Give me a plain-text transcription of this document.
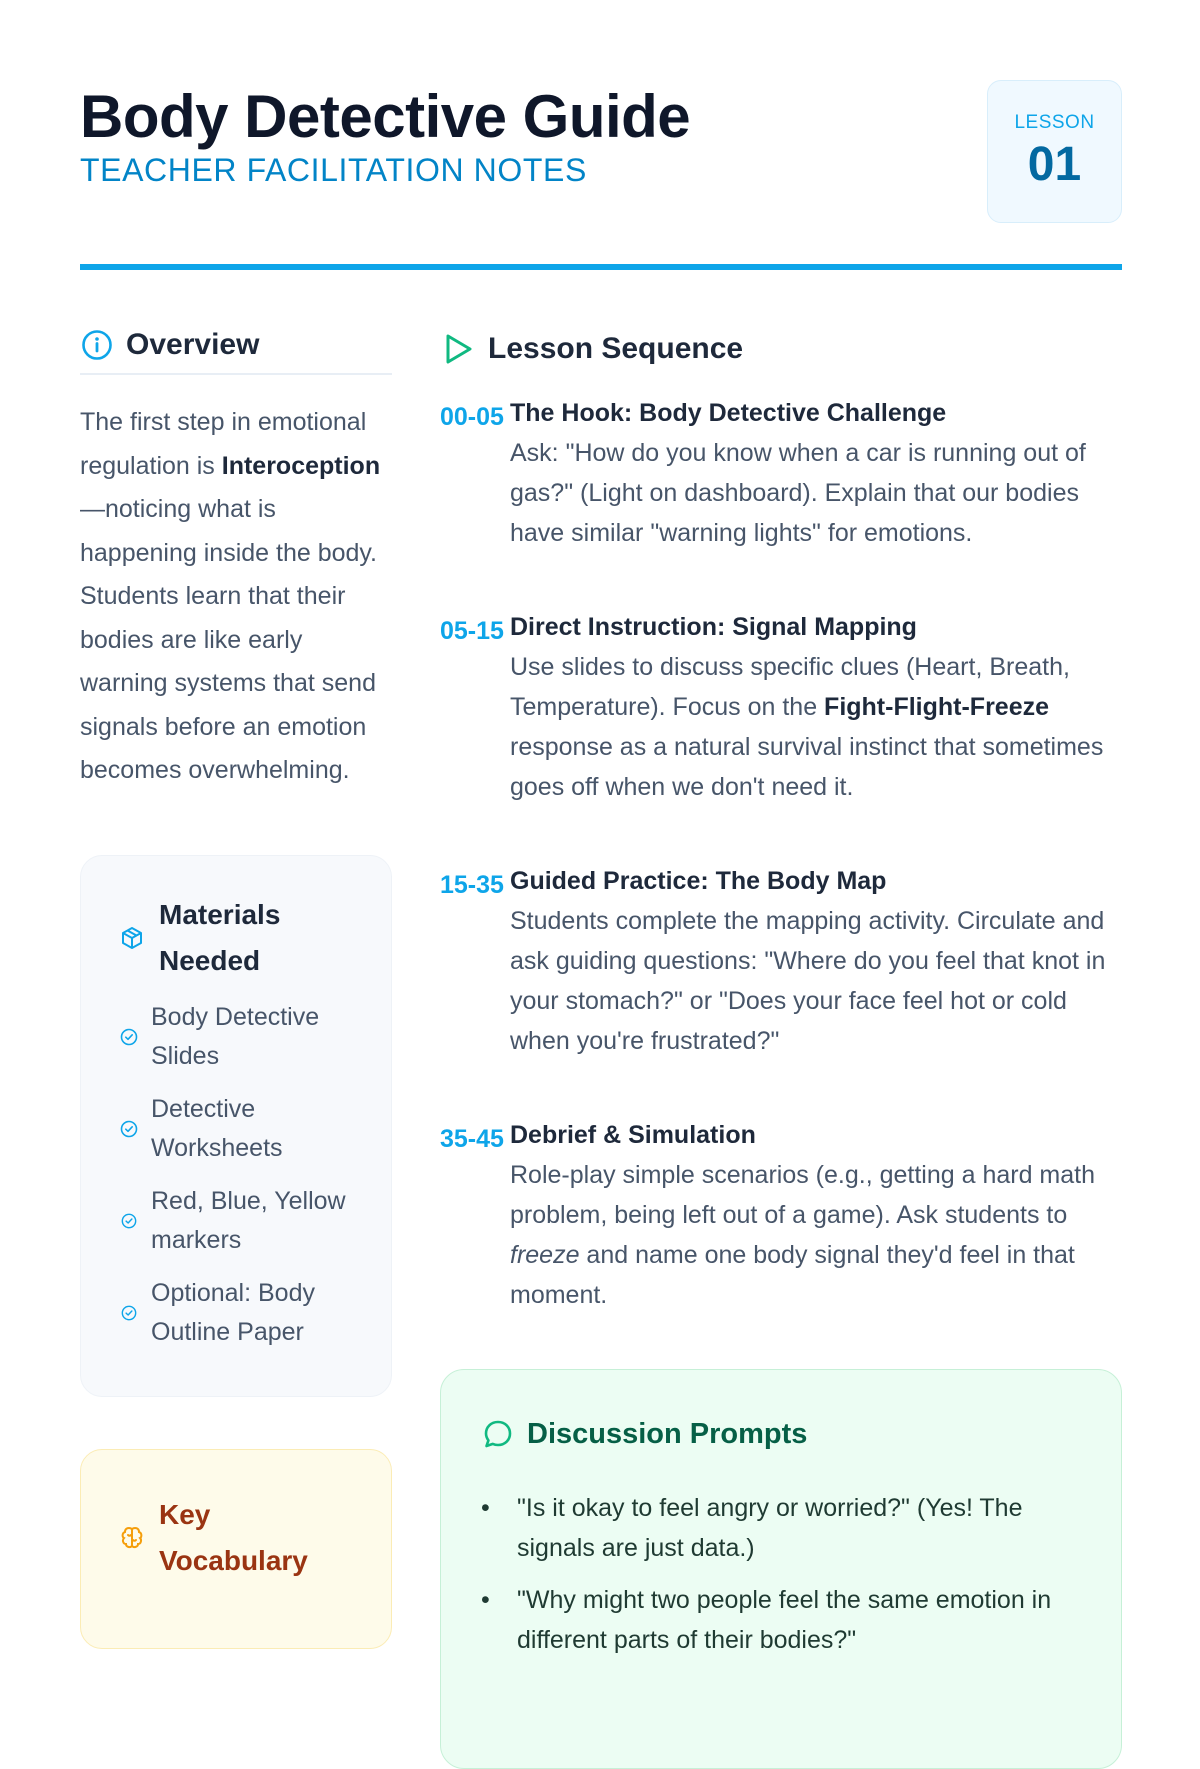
Body Detective Guide
TEACHER FACILITATION NOTES
LESSON
01
Overview

The first step in emotional regulation is Interoception—noticing what is happening inside the body. Students learn that their bodies are like early warning systems that send signals before an emotion becomes overwhelming.

Materials Needed
Body Detective Slides
Detective Worksheets
Red, Blue, Yellow markers
Optional: Body Outline Paper
Key Vocabulary
Lesson Sequence
00-05 The Hook: Body Detective Challenge

Ask: "How do you know when a car is running out of gas?" (Light on dashboard). Explain that our bodies have similar "warning lights" for emotions.

05-15 Direct Instruction: Signal Mapping

Use slides to discuss specific clues (Heart, Breath, Temperature). Focus on the Fight-Flight-Freeze response as a natural survival instinct that sometimes goes off when we don't need it.

15-35 Guided Practice: The Body Map

Students complete the mapping activity. Circulate and ask guiding questions: "Where do you feel that knot in your stomach?" or "Does your face feel hot or cold when you're frustrated?"

35-45 Debrief & Simulation

Role-play simple scenarios (e.g., getting a hard math problem, being left out of a game). Ask students to freeze and name one body signal they'd feel in that moment.

Discussion Prompts
• "Is it okay to feel angry or worried?" (Yes! The signals are just data.)
• "Why might two people feel the same emotion in different parts of their bodies?"
